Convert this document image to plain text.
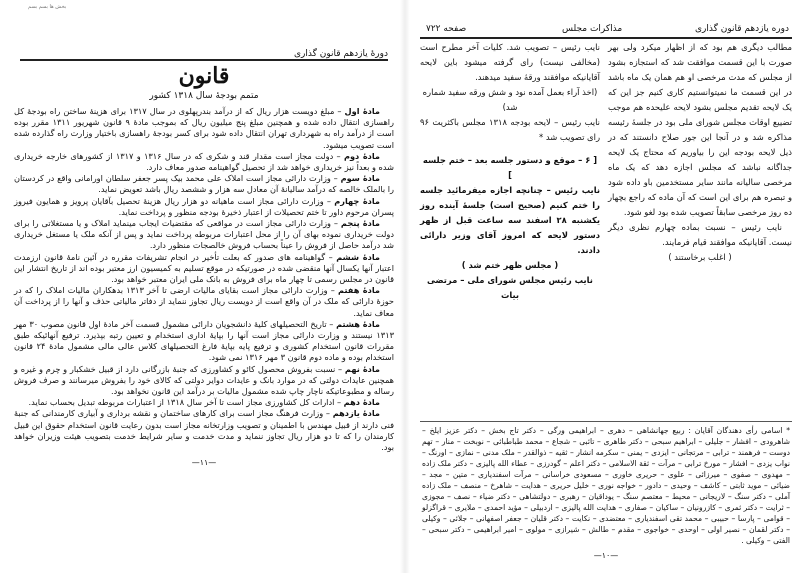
بخش ها بسم بسم
دورهٔ یازدهم قانون گذاری
قانون
متمم بودجهٔ سال ۱۳۱۸ کشور

مادهٔ اول – مبلغ دویست هزار ریال که از درآمد بندرپهلوی در سال ۱۳۱۷ برای هزینهٔ ساختن راه بودجهٔ کل راهسازی انتقال داده شده و همچنین مبلغ پنج میلیون ریال که بموجب مادهٔ ۹ قانون شهریور ۱۳۱۱ مقرر بوده است از درآمد راه به شهرداری تهران انتقال داده شود برای کسر بودجهٔ راهسازی باختیار وزارت راه گذارده شده است تصویب میشود.

مادهٔ دوم – دولت مجاز است مقدار قند و شکری که در سال ۱۳۱۶ و ۱۳۱۷ از کشورهای خارجه خریداری شده و بعداً نیز خریداری خواهد شد از تحصیل گواهینامه صدور معاف دارد.

مادهٔ سوم – وزارت دارائی مجاز است املاک علی محمد بیک پسر جعفر سلطان اورامانی واقع در کردستان را بالملک خالصه که درآمد سالیانهٔ آن معادل سه هزار و ششصد ریال باشد تعویض نماید.

مادهٔ چهارم – وزارت دارائی مجاز است ماهیانه دو هزار ریال هزینهٔ تحصیل بآقایان پرویز و همایون فیروز پسران مرحوم داور تا ختم تحصیلات از اعتبار ذخیرهٔ بودجه منظور و پرداخت نماید.

مادهٔ پنجم – وزارت دارائی مجاز است در مواقعی که مقتضیات ایجاب مینماید املاک و یا مستغلاتی را برای دولت خریداری نموده بهای آن را از محل اعتبارات مربوطه پرداخت نماید و پس از آنکه ملک یا مستغل خریداری شد درآمد حاصل از فروش را عیناً بحساب فروش خالصجات منظور دارد.

مادهٔ ششم – گواهینامه های صدور که بعلت تأخیر در انجام تشریفات مقرره در آئین نامهٔ قانون ارزمدت اعتبار آنها یکسال آنها منقضی شده در صورتیکه در موقع تسلیم به کمیسیون ارز معتبر بوده اند از تاریخ انتشار این قانون در مجلس رسمی تا چهار ماه برای فروش به بانک ملی ایران معتبر خواهد بود.

مادهٔ هفتم – وزارت دارائی مجاز است بقایای مالیات ارضی تا آخر ۱۳۱۳ بدهکاران مالیات املاک را که در حوزهٔ دارائی که ملک در آن واقع است از دویست ریال تجاوز ننماید از دفاتر مالیاتی حذف و آنها را از پرداخت آن معاف نماید.

مادهٔ هشتم – تاریخ التحصیلهای کلیهٔ دانشجویان دارائی مشمول قسمت آخر مادهٔ اول قانون مصوب ۳۰ مهر ۱۳۱۳ نیستند و وزارت دارائی مجاز است آنها را بپایهٔ اداری استخدام و تعیین رتبه بپذیرد. ترفیع آنهائیکه طبق مقررات قانون استخدام کشوری و ترفیع پایه بپایهٔ فارغ التحصیلهای کلاس عالی مالی مشمول مادهٔ ۲۴ قانون استخدام بوده و ماده دوم قانون ۳ مهر ۱۳۱۶ نمی شود.

مادهٔ نهم – نسبت بفروش محصول کائو و کشاورزی که جنبهٔ بازرگانی دارد از قبیل خشکبار و چرم و غیره و همچنین عایدات دولتی که در موارد بانک و عایدات دوایر دولتی که کالای خود را بفروش میرسانند و صرف فروش رساله و مطبوعاتیکه ناچار چاپ شده مشمول مالیات بر درآمد این قانون نخواهد بود.

مادهٔ دهم – ادارات کل کشاورزی مجاز است تا آخر سال ۱۳۱۸ از اعتبارات مربوطه تبدیل بحساب نماید.

مادهٔ یازدهم – وزارت فرهنگ مجاز است برای کارهای ساختمان و نقشه برداری و آبیاری کارمندانی که جنبهٔ فنی دارند از قبیل مهندس با اطمینان و تصویب وزارتخانه مجاز است بدون رعایت قانون استخدام حقوق این قبیل کارمندان را که تا دو هزار ریال تجاوز ننماید و مدت خدمت و سایر شرایط خدمت بتصویب هیئت وزیران خواهد بود.

—۱۱—
دوره یازدهم قانون گذاری
مذاکرات مجلس
صفحه ۷۲۲

مطالب دیگری هم بود که از اظهار میکرد ولی بهر صورت با این قسمت موافقت شد که استجازه بشود از مجلس که مدت مرخصی او هم همان یک ماه باشد در این قسمت ما نمیتوانستیم کاری کنیم جز این که یک لایحه تقدیم مجلس بشود لایحه علیحده هم موجب تضییع اوقات مجلس شورای ملی بود در جلسهٔ رئیسه مذاکره شد و در آنجا این جور صلاح دانستند که در ذیل لایحه بودجه این را بیاوریم که محتاج یک لایحه جداگانه نباشد که مجلس اجازه دهد که یک ماه مرخصی سالیانه مانند سایر مستخدمین باو داده شود و تبصره هم برای این است که آن ماده که راجع بچهار ده روز مرخصی سابقاً تصویب شده بود لغو شود.

نایب رئیس – نسبت بماده چهارم نظری دیگر نیست. آقایانیکه موافقند قیام فرمایند.

( اغلب برخاستند )

نایب رئیس – تصویب شد. کلیات آخر مطرح است (مخالفی نیست) رای گرفته میشود باین لایحه آقایانیکه موافقند ورقهٔ سفید میدهند.

(اخذ آراء بعمل آمده نود و شش ورقه سفید شماره شد)

نایب رئیس – لایحه بودجه ۱۳۱۸ مجلس باکثریت ۹۶ رای تصویب شد *

[ ۶ – موقع و دستور جلسه بعد – ختم جلسه ]

نایب رئیس – چنانچه اجازه میفرمائید جلسه را ختم کنیم (صحیح است) جلسهٔ آینده روز یکشنبه ۲۸ اسفند سه ساعت قبل از ظهر دستور لایحه که امروز آقای وزیر دارائی دادند.

( مجلس ظهر ختم شد )

نایب رئیس مجلس شورای ملی – مرتضی بیات

* اسامی رأی دهندگان آقایان : ربیع جهانشاهی – دهری – ابراهیمی ورگی – دکتر تاج بخش – دکتر عزیز ایلخ – شاهرودی – افشار – جلیلی – ابراهیم سبحی – دکتر طاهری – تائبی – شجاع – محمد طباطبائی – نوبخت – منار – تهم دوست – فرهمند – ترابی – مرتجانی – ایزدی – یمنی – سکرمه انشار – ثقیه – ذوالقدر – ملک مدنی – نمازی – اورنگ – نواب یزدی – افشار – مورخ ترابی – مرآت – ثقة الاسلامی – دکتر اعلم – گودرزی – عطاء الله پالیزی – دکتر ملک زاده – مهدوی – صفوی – میرزائی – علوی – حریری خاوری – مسعودی خراسانی – مرآت اسفندیاری – متین – مجد – ضیائی – موید ثابتی – کاشف – وحیدی – دادور – خواجه نوری – خلیل حریری – هدایت – شاهرخ – منصف – ملک زاده آملی – دکتر سنگ – لاریجانی – محیط – معتصم سنگ – یوداقیان – رهبری – دولتشاهی – دکتر ضیاء – نصف – مجوزی – ثرایت – دکتر ثمری – کازرونیان – ساکیان – صفاری – هدایت الله پالیزی – اردبیلی – مؤید احمدی – ملایری – قراگزلو – قوامی – پارسا – حبیبی – محمد تقی اسفندیاری – معتضدی – نکایت – دکتر قلیان – جعفر اصفهانی – جلائی – وکیلی – دکتر لقمان – نصیر اولی – اوحدی – خواجوی – مقدم – طالش – شیرازی – مولوی – امیر ابراهیمی – دکتر سبحی – الفتی – وکیلی .
—۱۰—
